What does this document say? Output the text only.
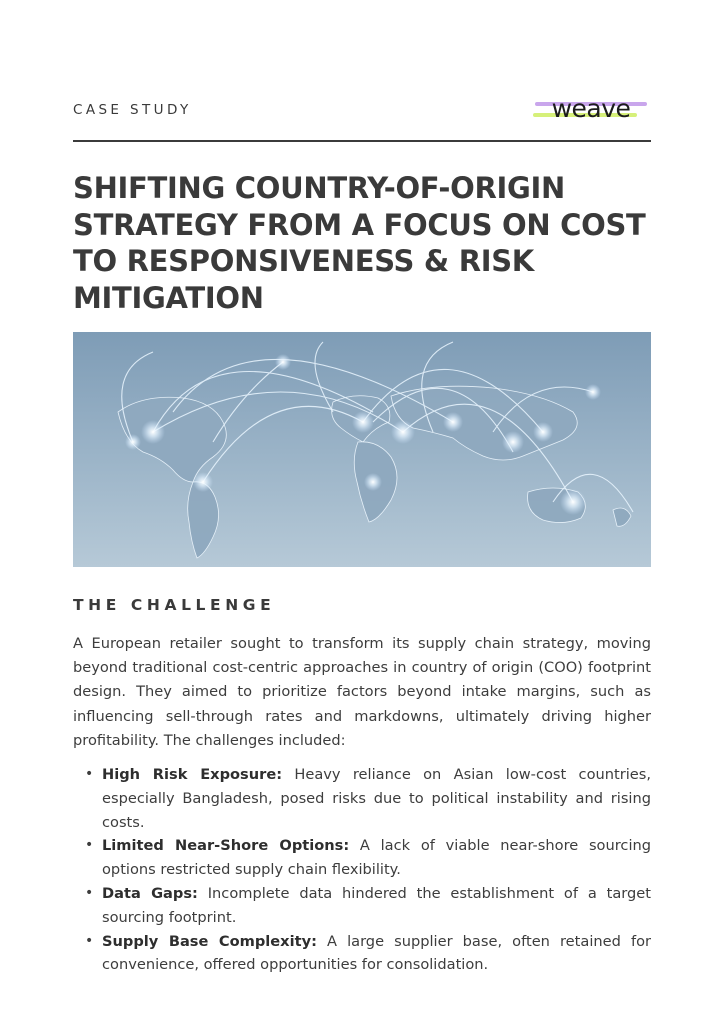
CASE STUDY	weave
SHIFTING COUNTRY-OF-ORIGIN STRATEGY FROM A FOCUS ON COST TO RESPONSIVENESS & RISK MITIGATION
THE CHALLENGE

A European retailer sought to transform its supply chain strategy, moving beyond traditional cost-centric approaches in country of origin (COO) footprint design. They aimed to prioritize factors beyond intake margins, such as influencing sell-through rates and markdowns, ultimately driving higher profitability. The challenges included:

• High Risk Exposure: Heavy reliance on Asian low-cost countries, especially Bangladesh, posed risks due to political instability and rising costs.
• Limited Near-Shore Options: A lack of viable near-shore sourcing options restricted supply chain flexibility.
• Data Gaps: Incomplete data hindered the establishment of a target sourcing footprint.
• Supply Base Complexity: A large supplier base, often retained for convenience, offered opportunities for consolidation.
